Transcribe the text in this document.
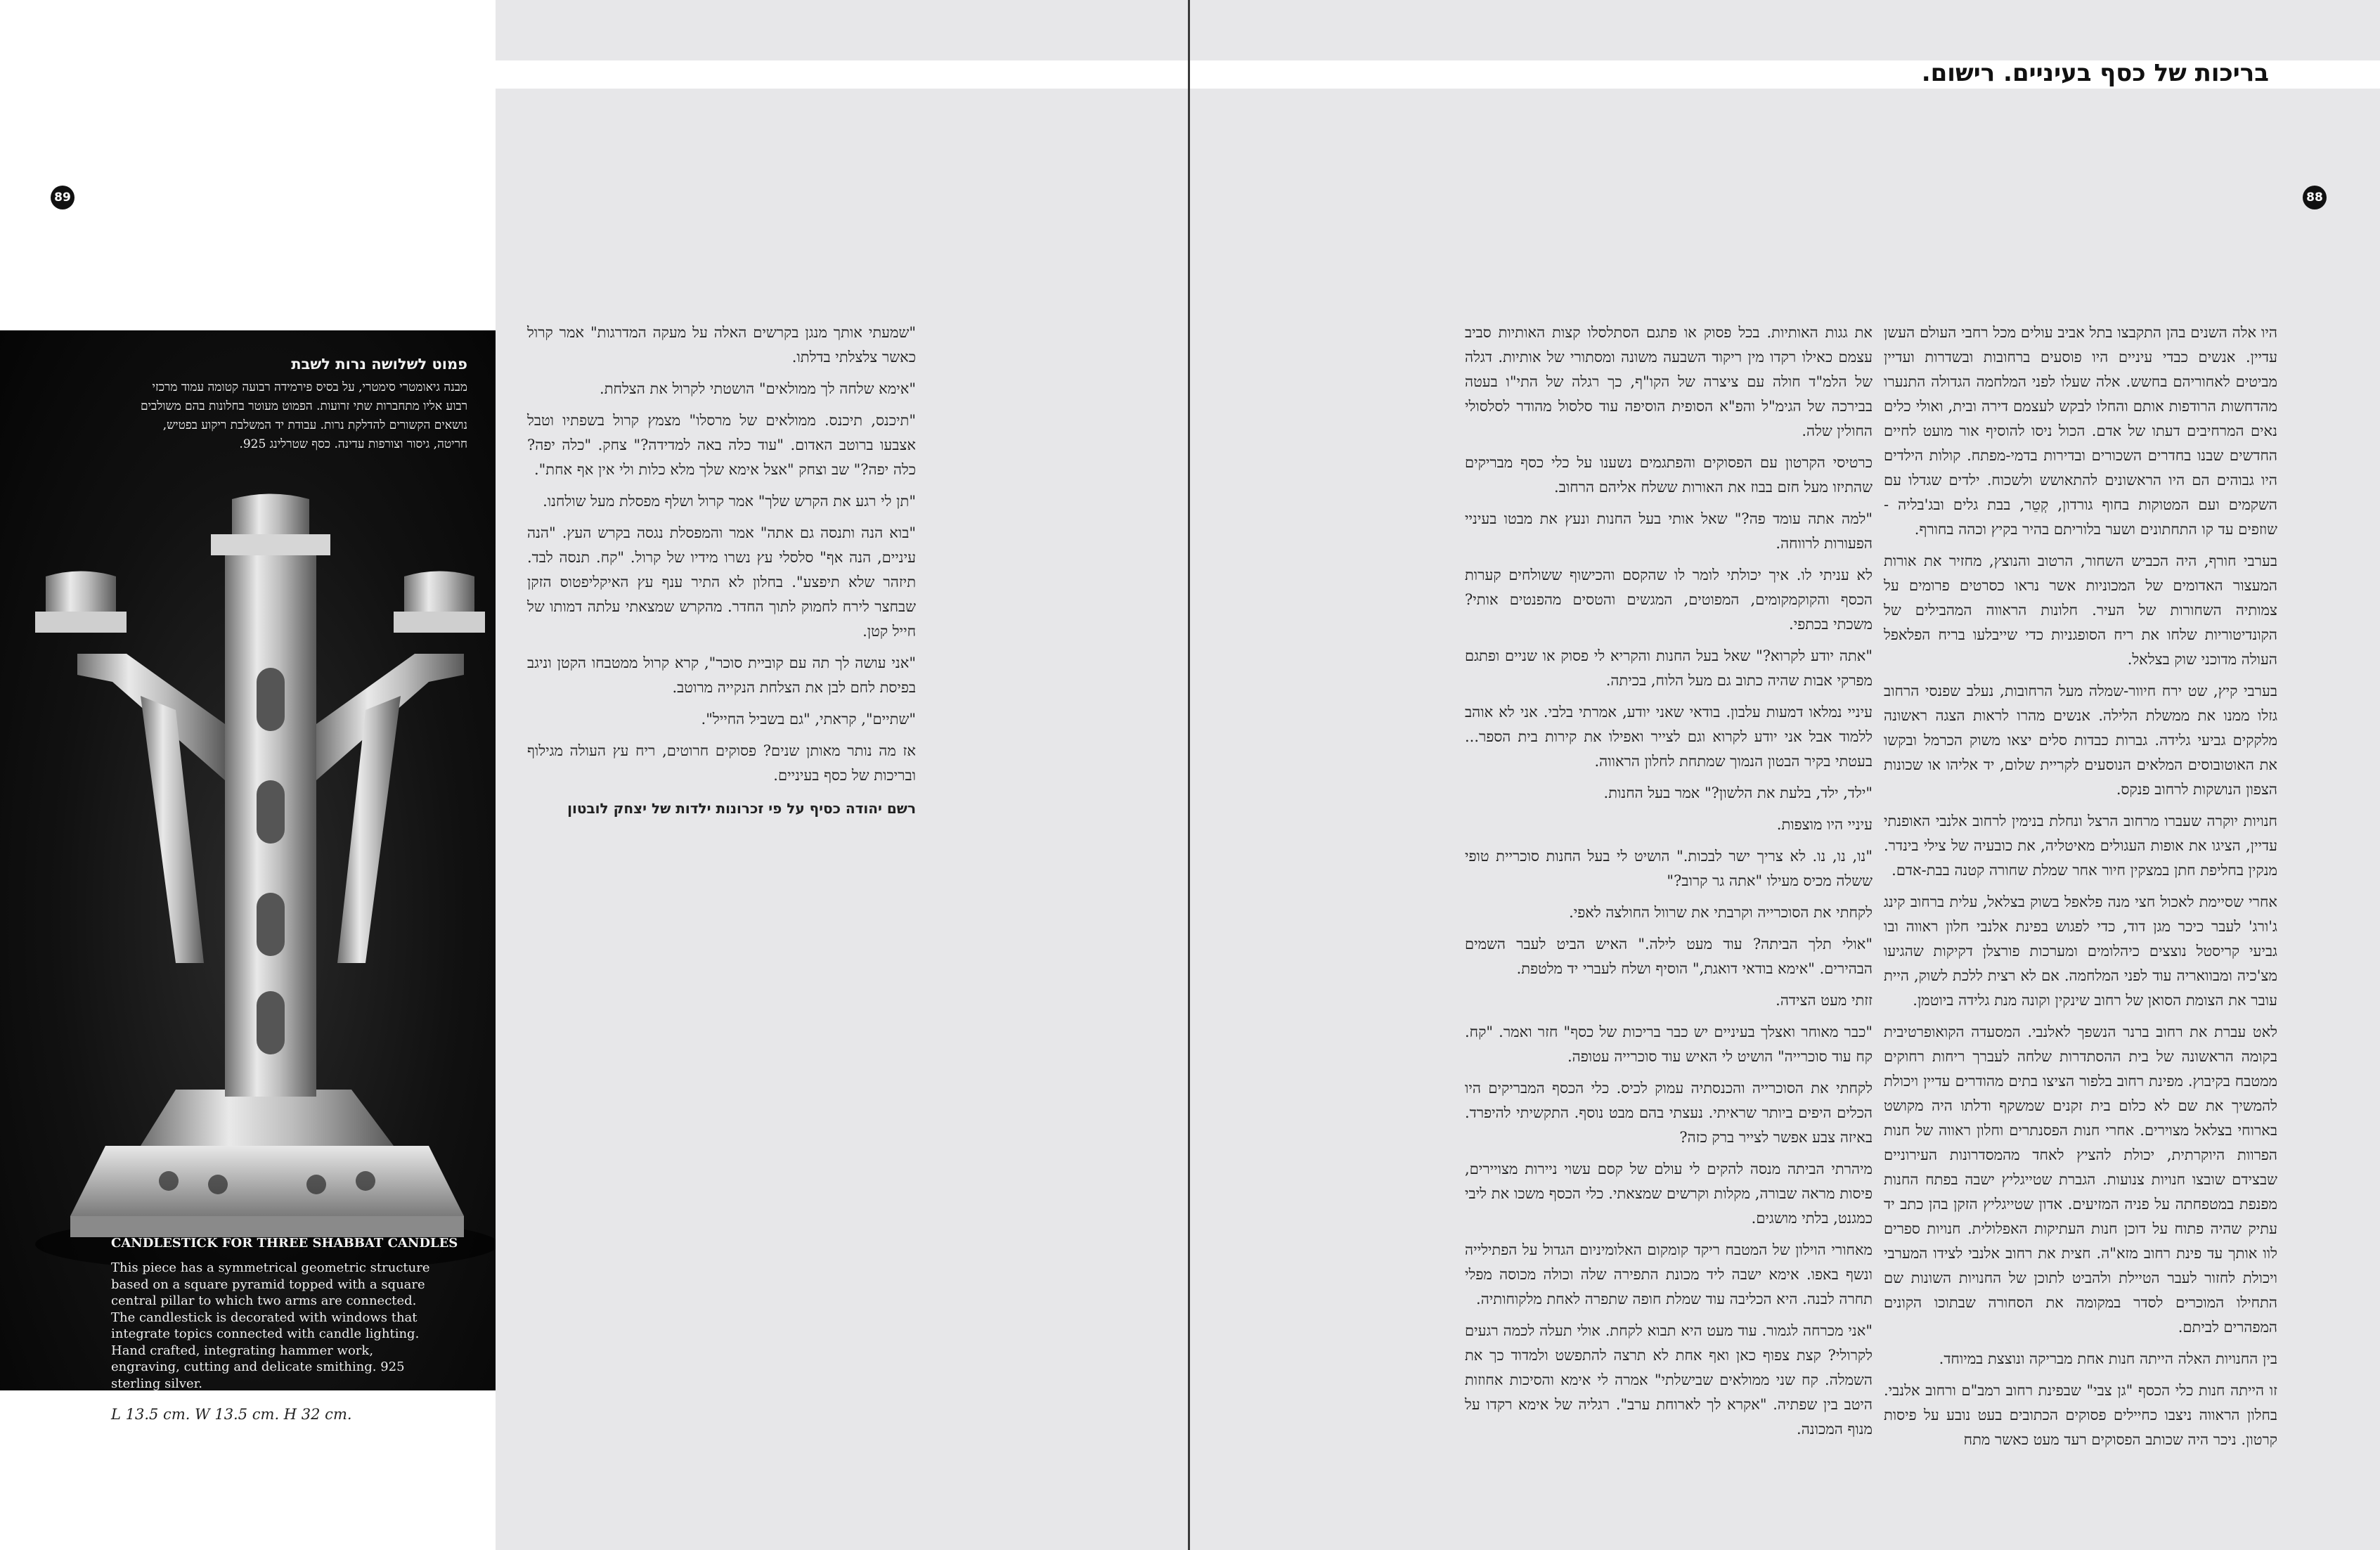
בריכות של כסף בעיניים. רישום.
89	88

היו אלה השנים בהן התקבצו בתל אביב עולים מכל רחבי העולם העשן עדיין. אנשים כבדי עיניים היו פוסעים ברחובות ובשדרות ועדיין מביטים לאחוריהם בחשש. אלה שעלו לפני המלחמה הגדולה התנערו מהדחשות הרודפות אותם והחלו לבקש לעצמם דירה ובית, ואולי כלים נאים המרחיבים דעתו של אדם. הכול ניסו להוסיף אור מועט לחיים החדשים שבנו בחדרים השכורים ובדירות בדמי-מפתח. קולות הילדים היו גבוהים הם היו הראשונים להתאושש ולשכוח. ילדים שגדלו עם השקמים ועם המטוקות בחוף גורדון, קְטֵר, בבת גלים ובג'בליה - שוזפים עד קו התחתונים ושער בלוריתם בהיר בקיץ וכהה בחורף.

בערבי חורף, היה הכביש השחור, הרטוב והנוצץ, מחזיר את אורות המעצור האדומים של המכוניות אשר נראו כסרטים פרומים על צמותיה השחורות של העיר. חלונות הראווה המהבילים של הקונדיטוריות שלחו את ריח הסופגניות כדי שייבלעו בריח הפלאפל העולה מדוכני שוק בצלאל.

בערבי קיץ, שט ירח חיוור-שמלה מעל הרחובות, נעלב שפנסי הרחוב גזלו ממנו את ממשלת הלילה. אנשים מהרו לראות הצגה ראשונה מלקקים גביעי גלידה. גברות כבדות סלים יצאו משוק הכרמל ובקשו את האוטובוסים המלאים הנוסעים לקריית שלום, יד אליהו או שכונות הצפון הנושקות לרחוב פנקס.

חנויות יוקרה שעברו מרחוב הרצל ונחלת בנימין לרחוב אלנבי האופנתי עדיין, הציגו את אופות העגולים מאיטליה, את כובעיה של צילי בינדר. מנקין בחליפת חתן במצקין חיור אחר שמלת שחורה קטנה בבת-אדם.

אחרי שסיימת לאכול חצי מנה פלאפל בשוק בצלאל, עלית ברחוב קינג ג'ורג' לעבר כיכר מגן דוד, כדי לפגוש בפינת אלנבי חלון ראווה ובו גביעי קריסטל נוצצים כיהלומים ומערכות פורצלן דקיקות שהגיעו מצ'כיה ומבוואריה עוד לפני המלחמה. אם לא רצית ללכת לשוק, היית עובר את הצומת הסואן של רחוב שינקין וקונה מנת גלידה ביוטמן.

לאט עברת את רחוב ברנר הנשפך לאלנבי. המסעדה הקואופרטיבית בקומה הראשונה של בית ההסתדרות שלחה לעברך ריחות רחוקים ממטבח בקיבוץ. מפינת רחוב בלפור הציצו בתים מהודרים עדיין ויכולת להמשיך את שם לא כלום בית זקנים שמשקף ודלתו היה מקושט בארוחי בצלאל מצוירים. אחרי חנות הפסנתרים וחלון ראווה של חנות הפרוות היוקרתית, יכולת להציץ לאחד מהמסדרונות העירוניים שבצידם שובצו חנויות צנועות. הגברת שטייגליץ ישבה בפתח החנות מפנפת במטפחתה על פניה המזיעים. אדון שטייגליץ הזקן בהן כתב יד עתיק שהיה פתוח על דוכן חנות העתיקות האפלולית. חנויות ספרים לוו אותך עד פינת רחוב מזא"ה. חצית את רחוב אלנבי לצידו המערבי ויכולת לחזור לעבר הטיילת ולהביט לתוכן של החנויות השונות שם התחילו המוכרים לסדר במקומה את הסחורה שבתוכו הקונים המפהרים לביתם.

בין החנויות האלה הייתה חנות אחת מבריקה ונוצצת במיוחד.

זו הייתה חנות כלי הכסף "גן צבי" שבפינת רחוב רמב"ם ורחוב אלנבי. בחלון הראווה ניצבו כחיילים פסוקים הכתובים בעט נובע על פיסות קרטון. ניכר היה שכותב הפסוקים רעד מעט כאשר מתח

את גגות האותיות. בכל פסוק או פתגם הסתלסלו קצות האותיות סביב עצמם כאילו רקדו מין ריקוד השבעה משונה ומסתורי של אותיות. דגלה של הלמ"ד חולה עם ציצרה של הקו"ף, כך רגלה של התי"ו בעטה בבירכה של הגימ"ל והפ"א הסופית הוסיפה עוד סלסול מהודר לסלסולי החולין שלה.

כרטיסי הקרטון עם הפסוקים והפתגמים נשענו על כלי כסף מבריקים שהתיזו מעל חזם בבוז את האורות ששלח אליהם הרחוב.

"למה אתה עומד פה?" שאל אותי בעל החנות ונעץ את מבטו בעיניי הפעורות לרווחה.

לא עניתי לו. איך יכולתי לומר לו שהקסם והכישוף ששולחים קערות הכסף והקוקמקומים, המפוטים, המגשים והטסים מהפנטים אותי? משכתי בכתפי.

"אתה יודע לקרוא?" שאל בעל החנות והקריא לי פסוק או שניים ופתגם מפרקי אבות שהיה כתוב גם מעל הלוח, בכיתה.

עיניי נמלאו דמעות עלבון. בודאי שאני יודע, אמרתי בלבי. אני לא אוהב ללמוד אבל אני יודע לקרוא וגם לצייר ואפילו את קירות בית הספר... בעטתי בקיר הבטון הנמוך שמתחת לחלון הראווה.

"ילד, ילד, בלעת את הלשון?" אמר בעל החנות.

עיניי היו מוצפות.

"נו, נו, נו. לא צריך ישר לבכות." הושיט לי בעל החנות סוכריית טופי ששלה מכיס מעילו "אתה גר קרוב?"

לקחתי את הסוכרייה וקרבתי את שרוול החולצה לאפי.

"אולי תלך הביתה? עוד מעט לילה." האיש הביט לעבר השמים הבהירים. "אימא בודאי דואגת," הוסיף ושלח לעברי יד מלטפת.

זזתי מעט הצידה.

"כבר מאוחר ואצלך בעיניים יש כבר בריכות של כסף" חזר ואמר. "קח. קח עוד סוכרייה" הושיט לי האיש עוד סוכרייה עטופה.

לקחתי את הסוכרייה והכנסתיה עמוק לכיס. כלי הכסף המבריקים היו הכלים היפים ביותר שראיתי. נעצתי בהם מבט נוסף. התקשיתי להיפרד. באיזה צבע אפשר לצייר ברק כזה?

מיהרתי הביתה מנסה להקים לי עולם של קסם עשוי ניירות מצויירים, פיסות מראה שבורה, מקלות וקרשים שמצאתי. כלי הכסף משכו את ליבי כמגנט, בלתי מושגים.

מאחורי הוילון של המטבח ריקד קומקום האלומיניום הגדול על הפתילייה ונשף באפו. אימא ישבה ליד מכונת התפירה שלה וכולה מכוסה מפלי תחרה לבנה. היא הכליבה עוד שמלת חופה שתפרה לאחת מלקוחותיה.

"אני מכרחה לגמור. עוד מעט היא תבוא לקחת. אולי תעלה לכמה רגעים לקרולי? קצת צפוף כאן ואף אחת לא תרצה להתפשט ולמדוד כך את השמלה. קח שני ממולאים שבישלתי" אמרה לי אימא והסיכות אחוזות היטב בין שפתיה. "אקרא לך לארוחת ערב". רגליה של אימא רקדו על מנוף המכונה.

"שמעתי אותך מנגן בקרשים האלה על מעקה המדרגות" אמר קרול כאשר צלצלתי בדלתו.

"אימא שלחה לך ממולאים" הושטתי לקרול את הצלחת.

"תיכנס, תיכנס. ממולאים של מרסלו" מצמץ קרול בשפתיו וטבל אצבעו ברוטב האדום. "עוד כלה באה למדידה?" צחק. "כלה יפה? כלה יפה?" שב וצחק "אצל אימא שלך מלא כלות ולי אין אף אחת".

"תן לי רגע את הקרש שלך" אמר קרול ושלף מפסלת מעל שולחנו.

"בוא הנה ותנסה גם אתה" אמר והמפסלת נגסה בקרש העץ. "הנה עיניים, הנה אף" סלסלי עץ נשרו מידיו של קרול. "קח. תנסה לבד. תיזהר שלא תיפצע". בחלון לא התיר ענף עץ האיקליפטוס הזקן שבחצר לירח לחמוק לתוך החדר. מהקרש שמצאתי עלתה דמותו של חייל קטן.

"אני עושה לך תה עם קוביית סוכר", קרא קרול ממטבחו הקטן וניגב בפיסת לחם לבן את הצלחת הנקייה מרוטב.

"שתיים", קראתי, "גם בשביל החייל".

אז מה נותר מאותן שנים? פסוקים חרוטים, ריח עץ העולה מגילוף ובריכות של כסף בעיניים.

רשם יהודה כסיף על פי זכרונות ילדות של יצחק לובטון
פמוט לשלושה נרות לשבת
מבנה גיאומטרי סימטרי, על בסיס פירמידה רבועה קטומה עמוד מרכזי רבוע אליו מתחברות שתי זרועות. הפמוט מעוטר בחלונות בהם משולבים נושאים הקשורים להדלקת נרות. עבודת יד המשלבת ריקוע בפטיש, חריטה, גיסור וצורפות עדינה. כסף שטרלינג 925.
CANDLESTICK FOR THREE SHABBAT CANDLES
This piece has a symmetrical geometric structure based on a square pyramid topped with a square central pillar to which two arms are connected. The candlestick is decorated with windows that integrate topics connected with candle lighting. Hand crafted, integrating hammer work, engraving, cutting and delicate smithing. 925 sterling silver.
L 13.5 cm. W 13.5 cm. H 32 cm.
